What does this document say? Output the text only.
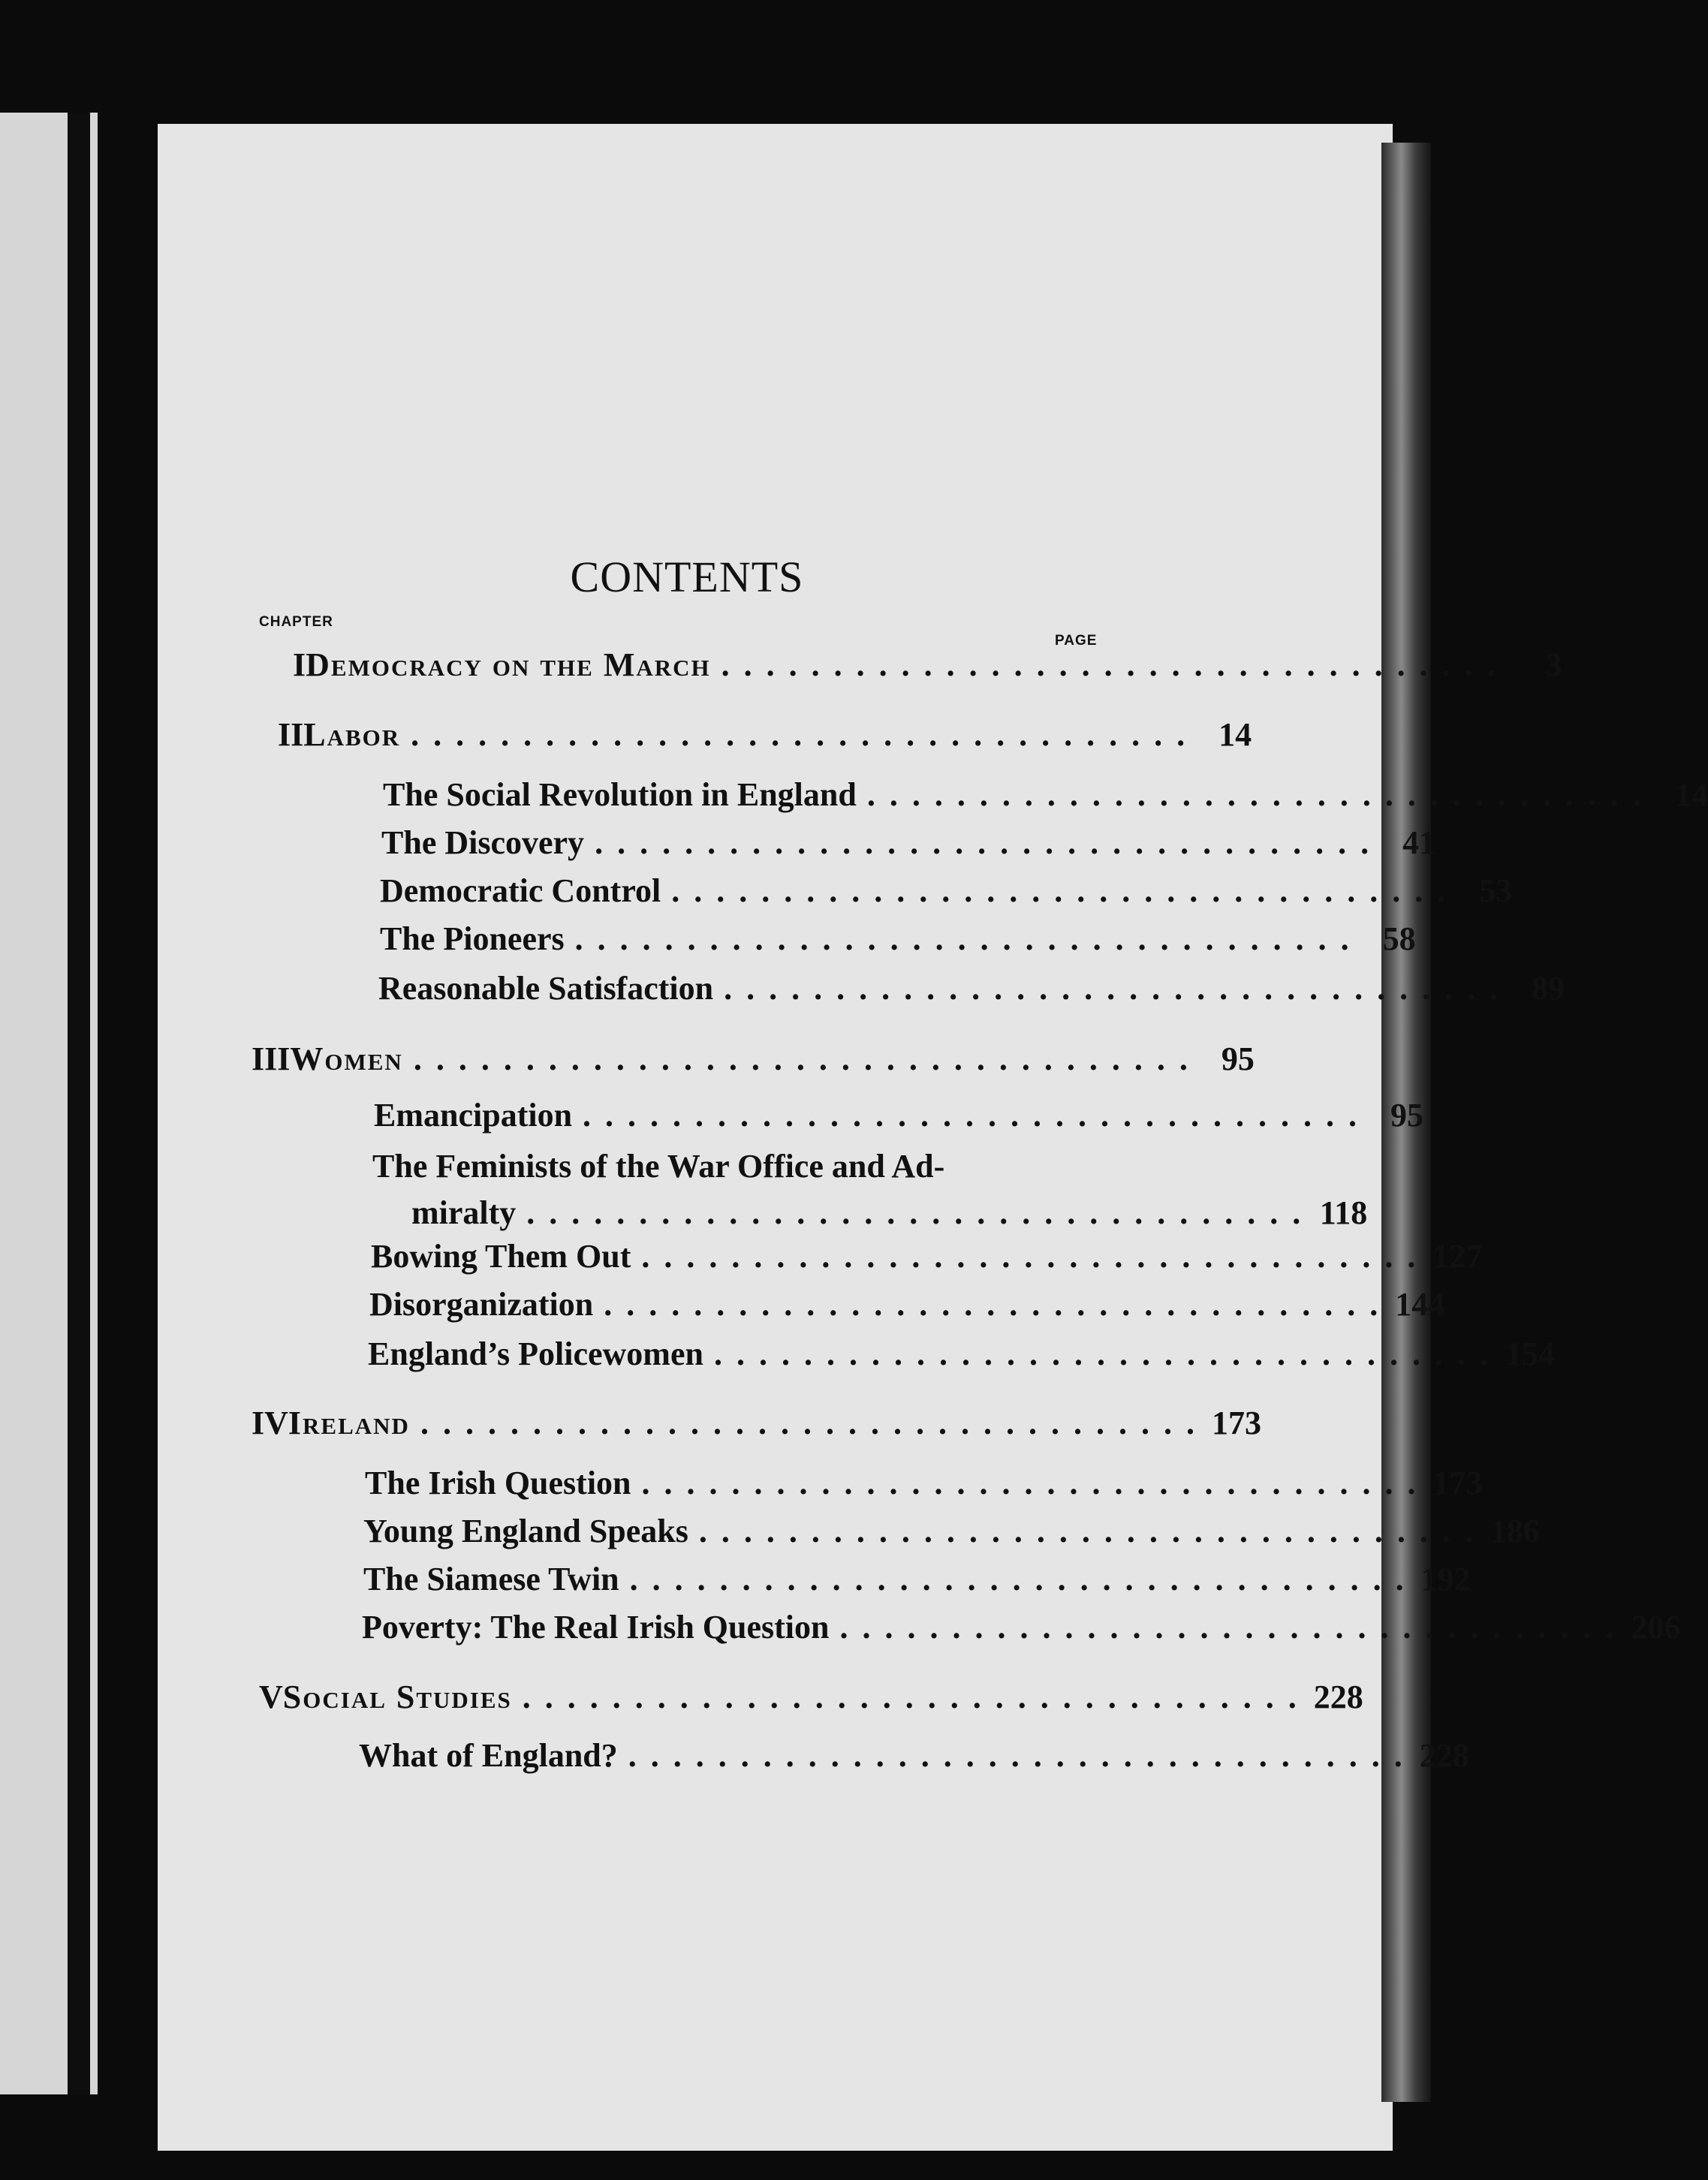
CONTENTS
CHAPTER
PAGE
I Democracy on the March ...................................	3
II Labor ................................... 14
The Social Revolution in England ................................... 14
The Discovery ................................... 41
Democratic Control ................................... 53
The Pioneers ................................... 58
Reasonable Satisfaction ................................... 89
III Women ................................... 95
Emancipation ................................... 95
The Feminists of the War Office and Ad-
miralty ................................... 118
Bowing Them Out ................................... 127
Disorganization ................................... 144
England’s Policewomen ................................... 154
IV Ireland ................................... 173
The Irish Question ................................... 173
Young England Speaks ................................... 186
The Siamese Twin ................................... 192
Poverty: The Real Irish Question ................................... 206
V Social Studies ................................... 228
What of England? ................................... 228
